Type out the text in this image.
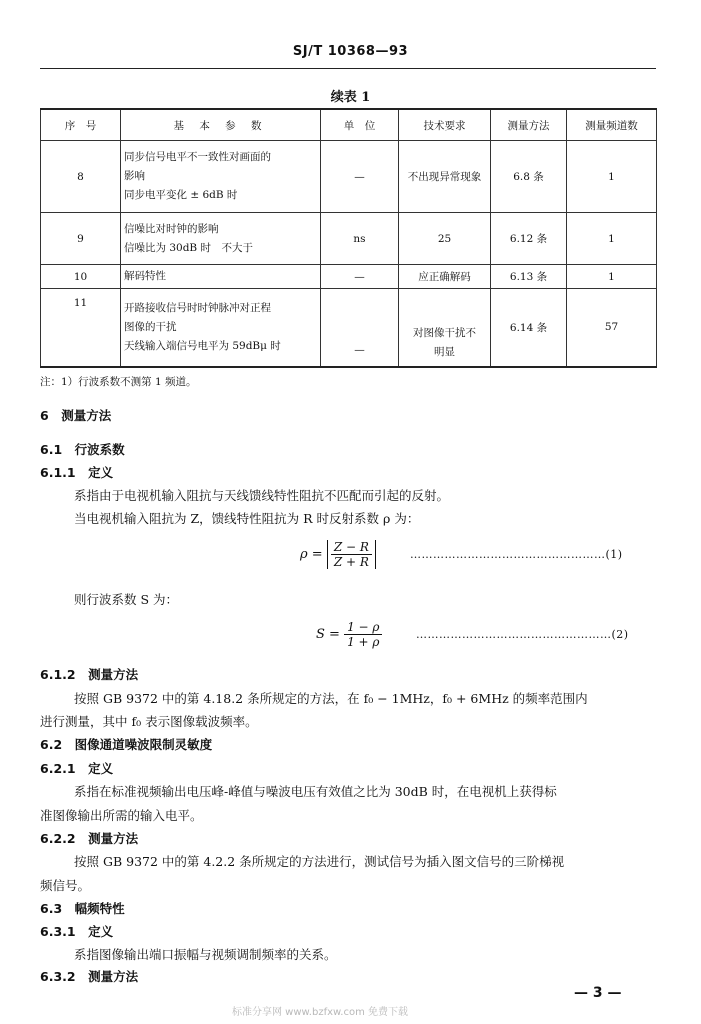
SJ/T 10368—93
续表 1
序　号	基 本 参 数	单　位	技术要求	测量方法	测量频道数
8	同步信号电平不一致性对画面的
影响
同步电平变化 ± 6dB 时	—	不出现异常现象	6.8 条	1
9	信噪比对时钟的影响
信噪比为 30dB 时　不大于	ns	25	6.12 条	1
10	解码特性	—	应正确解码	6.13 条	1
11	开路接收信号时时钟脉冲对正程
图像的干扰
天线输入端信号电平为 59dBμ 时	—	对图像干扰不明显	6.14 条	57
注：1）行波系数不测第 1 频道。
6　测量方法
6.1　行波系数
6.1.1　定义
系指由于电视机输入阻抗与天线馈线特性阻抗不匹配而引起的反射。
当电视机输入阻抗为 Z，馈线特性阻抗为 R 时反射系数 ρ 为：
$\rho = \frac{Z - R}{Z + R}$	……………………………………………(1)
则行波系数 S 为：
$S = \frac{1 - \rho}{1 + \rho}$	……………………………………………(2)
6.1.2　测量方法
按照 GB 9372 中的第 4.18.2 条所规定的方法，在 f₀ − 1MHz，f₀ + 6MHz 的频率范围内
进行测量，其中 f₀ 表示图像载波频率。
6.2　图像通道噪波限制灵敏度
6.2.1　定义
系指在标准视频输出电压峰-峰值与噪波电压有效值之比为 30dB 时，在电视机上获得标
准图像输出所需的输入电平。
6.2.2　测量方法
按照 GB 9372 中的第 4.2.2 条所规定的方法进行，测试信号为插入图文信号的三阶梯视
频信号。
6.3　幅频特性
6.3.1　定义
系指图像输出端口振幅与视频调制频率的关系。
6.3.2　测量方法
— 3 —
标准分享网 www.bzfxw.com 免费下载
